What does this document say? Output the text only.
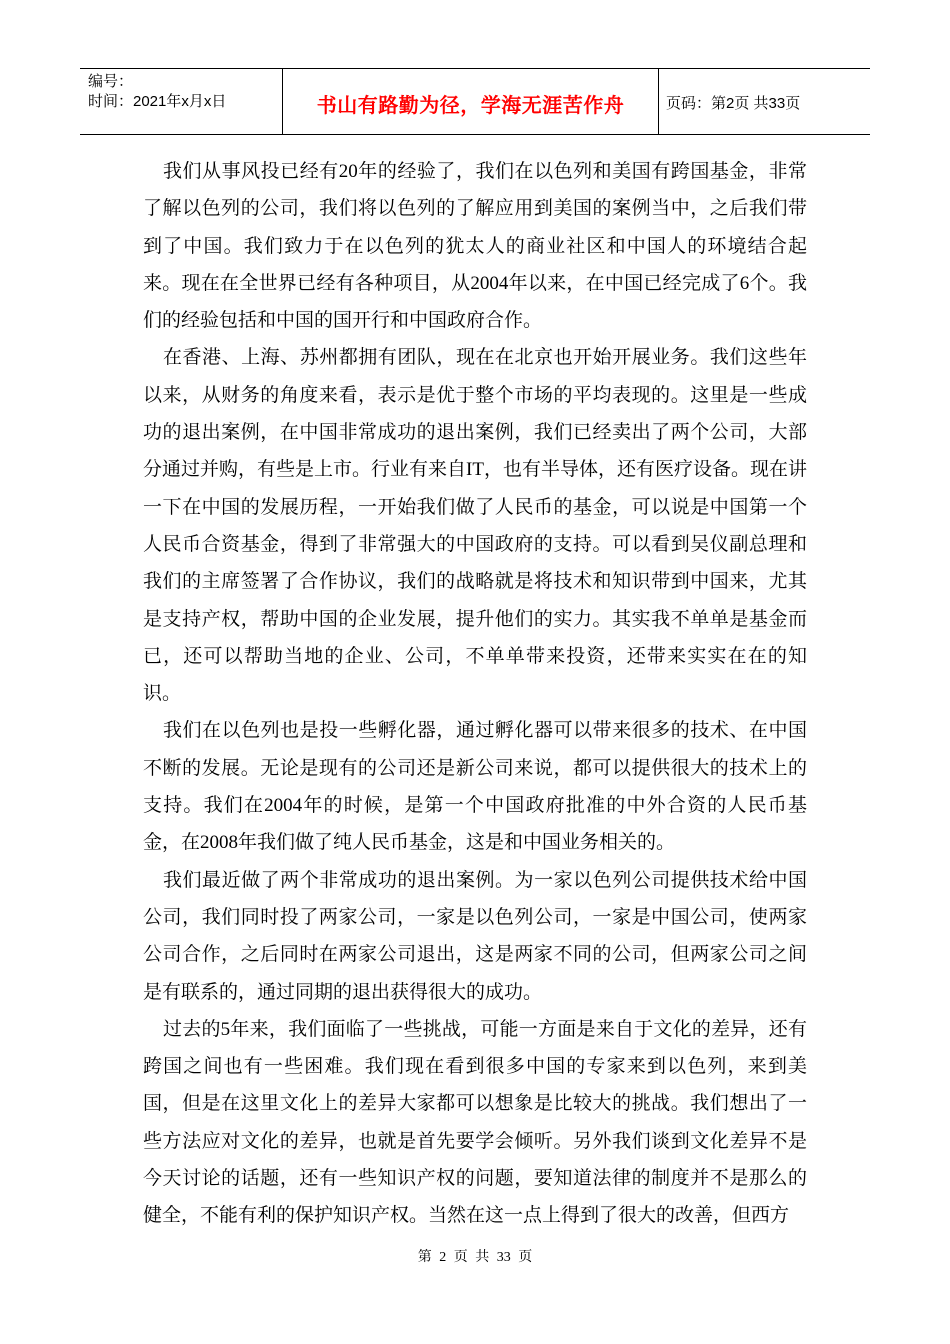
编号：
时间：2021年x月x日	书山有路勤为径，学海无涯苦作舟	页码：第2页 共33页

我们从事风投已经有20年的经验了，我们在以色列和美国有跨国基金，非常了解以色列的公司，我们将以色列的了解应用到美国的案例当中，之后我们带到了中国。我们致力于在以色列的犹太人的商业社区和中国人的环境结合起来。现在在全世界已经有各种项目，从2004年以来，在中国已经完成了6个。我们的经验包括和中国的国开行和中国政府合作。

在香港、上海、苏州都拥有团队，现在在北京也开始开展业务。我们这些年以来，从财务的角度来看，表示是优于整个市场的平均表现的。这里是一些成功的退出案例，在中国非常成功的退出案例，我们已经卖出了两个公司，大部分通过并购，有些是上市。行业有来自IT，也有半导体，还有医疗设备。现在讲一下在中国的发展历程，一开始我们做了人民币的基金，可以说是中国第一个人民币合资基金，得到了非常强大的中国政府的支持。可以看到吴仪副总理和我们的主席签署了合作协议，我们的战略就是将技术和知识带到中国来，尤其是支持产权，帮助中国的企业发展，提升他们的实力。其实我不单单是基金而已，还可以帮助当地的企业、公司，不单单带来投资，还带来实实在在的知识。

我们在以色列也是投一些孵化器，通过孵化器可以带来很多的技术、在中国不断的发展。无论是现有的公司还是新公司来说，都可以提供很大的技术上的支持。我们在2004年的时候，是第一个中国政府批准的中外合资的人民币基金，在2008年我们做了纯人民币基金，这是和中国业务相关的。

我们最近做了两个非常成功的退出案例。为一家以色列公司提供技术给中国公司，我们同时投了两家公司，一家是以色列公司，一家是中国公司，使两家公司合作，之后同时在两家公司退出，这是两家不同的公司，但两家公司之间是有联系的，通过同期的退出获得很大的成功。

过去的5年来，我们面临了一些挑战，可能一方面是来自于文化的差异，还有跨国之间也有一些困难。我们现在看到很多中国的专家来到以色列，来到美国，但是在这里文化上的差异大家都可以想象是比较大的挑战。我们想出了一些方法应对文化的差异，也就是首先要学会倾听。另外我们谈到文化差异不是今天讨论的话题，还有一些知识产权的问题，要知道法律的制度并不是那么的健全，不能有利的保护知识产权。当然在这一点上得到了很大的改善，但西方

第 2 页 共 33 页
